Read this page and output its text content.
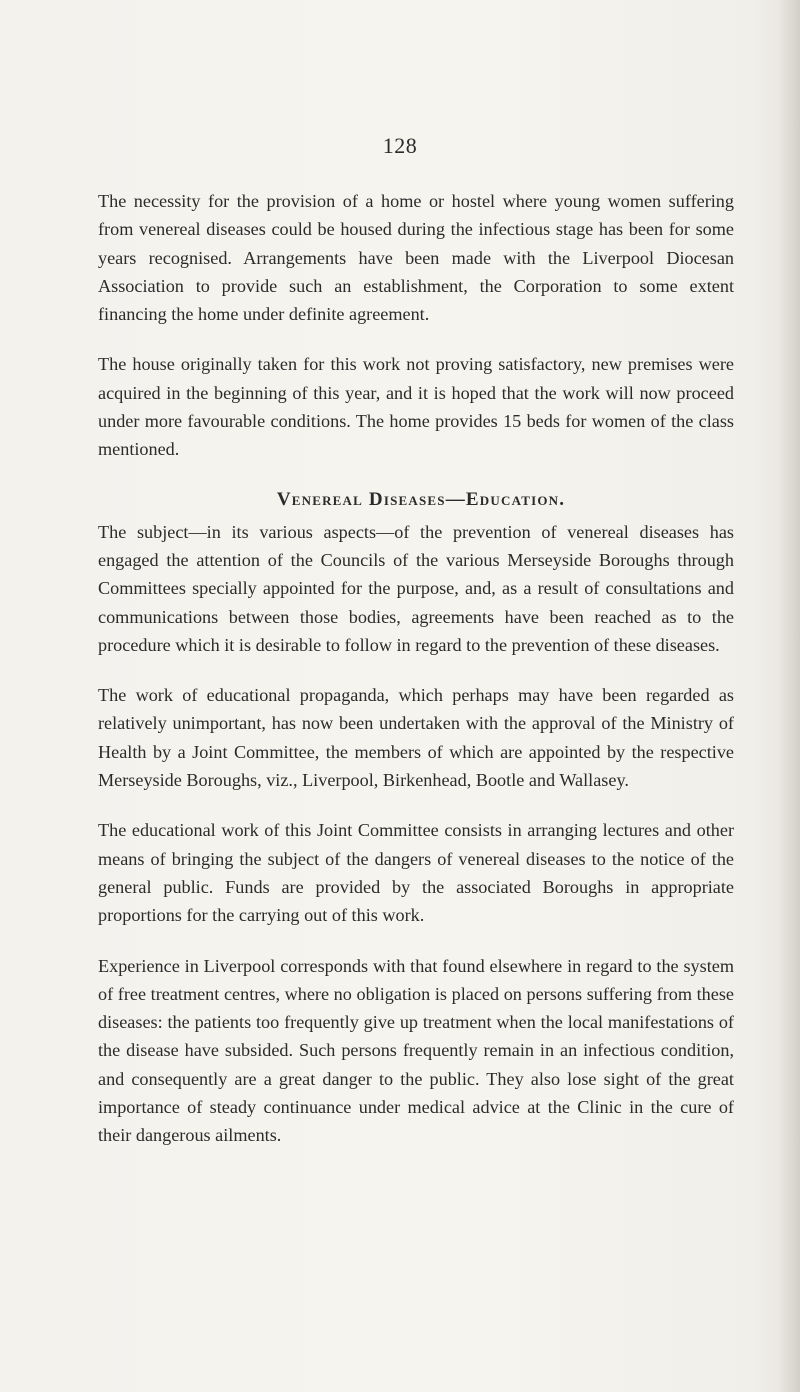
128

The necessity for the provision of a home or hostel where young women suffering from venereal diseases could be housed during the infectious stage has been for some years recognised. Arrangements have been made with the Liverpool Diocesan Association to provide such an establishment, the Corporation to some extent financing the home under definite agreement.

The house originally taken for this work not proving satisfactory, new premises were acquired in the beginning of this year, and it is hoped that the work will now proceed under more favourable conditions. The home provides 15 beds for women of the class mentioned.

Venereal Diseases—Education.

The subject—in its various aspects—of the prevention of venereal diseases has engaged the attention of the Councils of the various Merseyside Boroughs through Committees specially appointed for the purpose, and, as a result of consultations and communications between those bodies, agreements have been reached as to the procedure which it is desirable to follow in regard to the prevention of these diseases.

The work of educational propaganda, which perhaps may have been regarded as relatively unimportant, has now been undertaken with the approval of the Ministry of Health by a Joint Committee, the members of which are appointed by the respective Merseyside Boroughs, viz., Liverpool, Birkenhead, Bootle and Wallasey.

The educational work of this Joint Committee consists in arranging lectures and other means of bringing the subject of the dangers of venereal diseases to the notice of the general public. Funds are provided by the associated Boroughs in appropriate proportions for the carrying out of this work.

Experience in Liverpool corresponds with that found elsewhere in regard to the system of free treatment centres, where no obligation is placed on persons suffering from these diseases: the patients too frequently give up treatment when the local manifestations of the disease have subsided. Such persons frequently remain in an infectious condition, and consequently are a great danger to the public. They also lose sight of the great importance of steady continuance under medical advice at the Clinic in the cure of their dangerous ailments.
